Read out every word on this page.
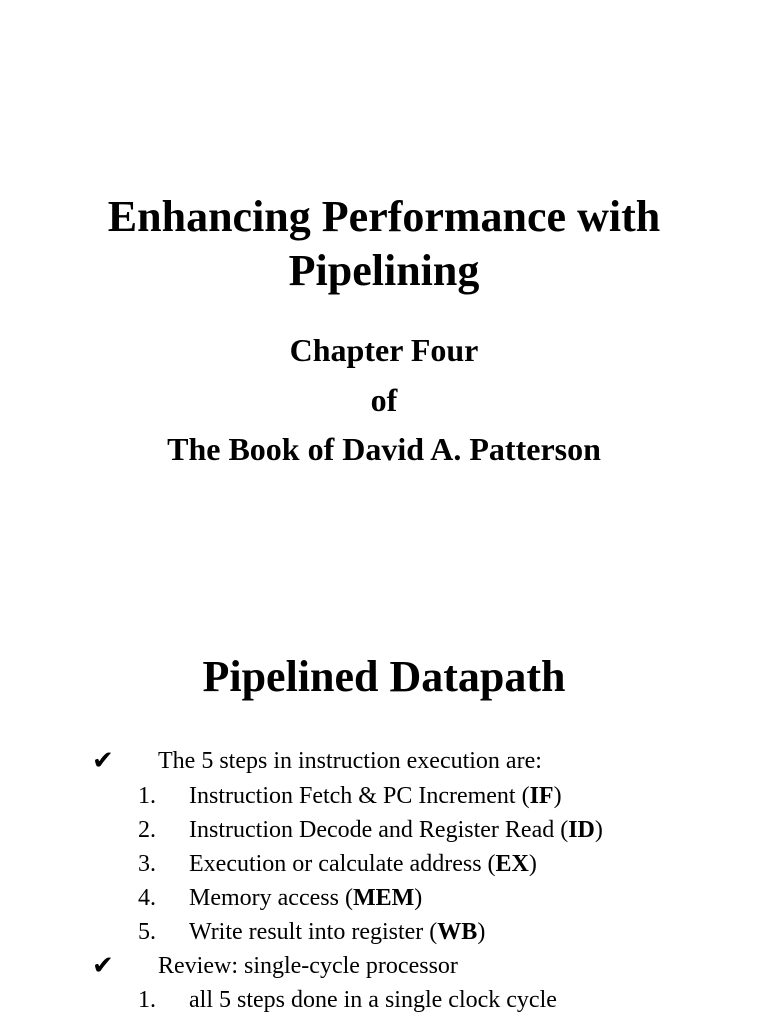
Enhancing Performance with
Pipelining

Chapter Four

of

The Book of David A. Patterson

Pipelined Datapath
✔	The 5 steps in instruction execution are:
1. Instruction Fetch & PC Increment (IF)
2. Instruction Decode and Register Read (ID)
3. Execution or calculate address (EX)
4. Memory access (MEM)
5. Write result into register (WB)
✔	Review: single-cycle processor
1. all 5 steps done in a single clock cycle
